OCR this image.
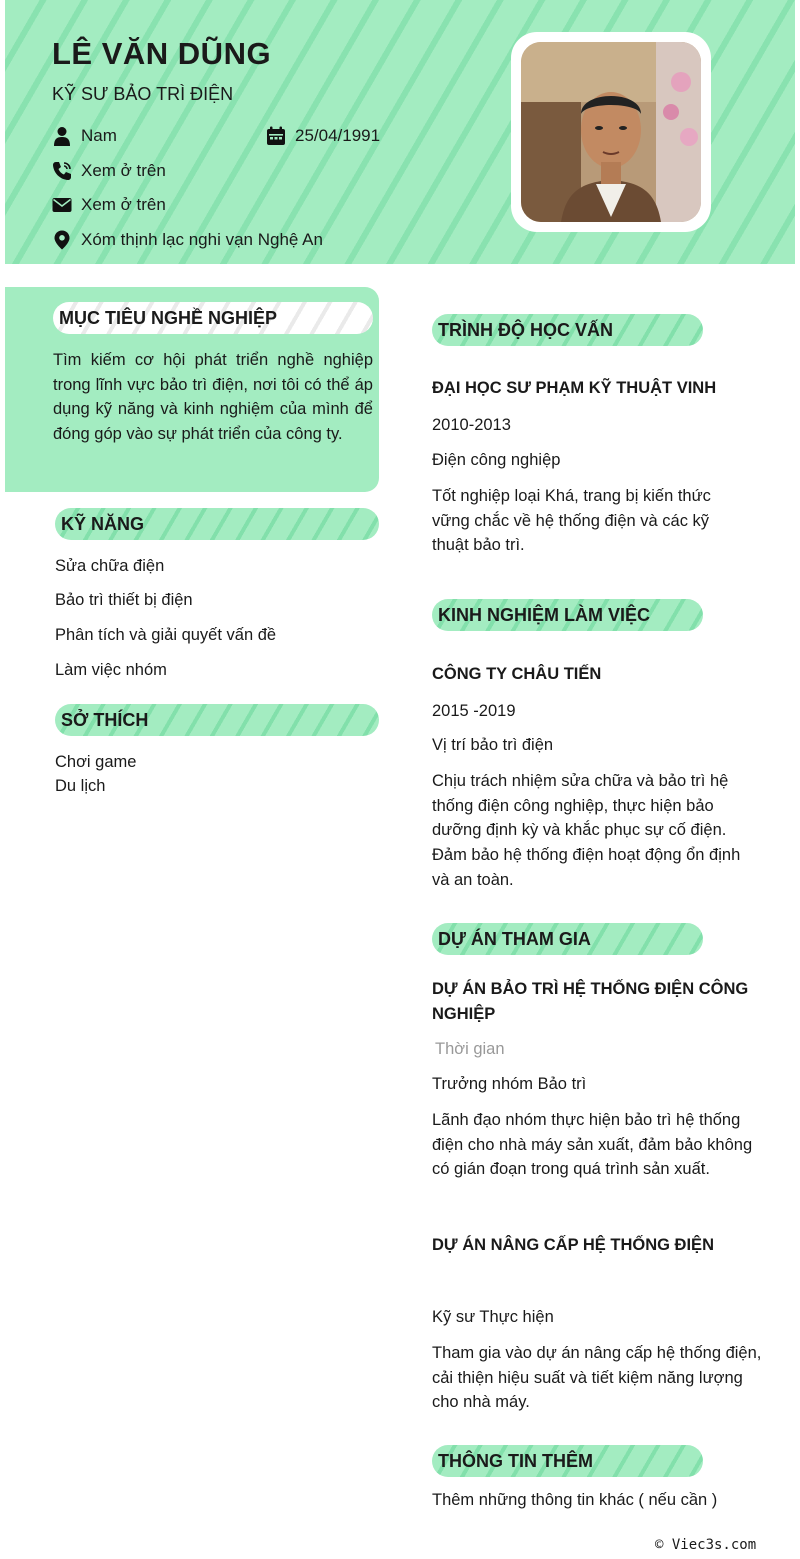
LÊ VĂN DŨNG
KỸ SƯ BẢO TRÌ ĐIỆN
Nam	25/04/1991
Xem ở trên
Xem ở trên
Xóm thịnh lạc nghi vạn Nghệ An
MỤC TIÊU NGHỀ NGHIỆP
Tìm kiếm cơ hội phát triển nghề nghiệp trong lĩnh vực bảo trì điện, nơi tôi có thể áp dụng kỹ năng và kinh nghiệm của mình để đóng góp vào sự phát triển của công ty.
KỸ NĂNG
Sửa chữa điện
Bảo trì thiết bị điện
Phân tích và giải quyết vấn đề
Làm việc nhóm
SỞ THÍCH
Chơi game
Du lịch
TRÌNH ĐỘ HỌC VẤN
ĐẠI HỌC SƯ PHẠM KỸ THUẬT VINH
2010-2013
Điện công nghiệp
Tốt nghiệp loại Khá, trang bị kiến thức vững chắc về hệ thống điện và các kỹ thuật bảo trì.
KINH NGHIỆM LÀM VIỆC
CÔNG TY CHÂU TIẾN
2015 -2019
Vị trí bảo trì điện
Chịu trách nhiệm sửa chữa và bảo trì hệ thống điện công nghiệp, thực hiện bảo dưỡng định kỳ và khắc phục sự cố điện. Đảm bảo hệ thống điện hoạt động ổn định và an toàn.
DỰ ÁN THAM GIA
DỰ ÁN BẢO TRÌ HỆ THỐNG ĐIỆN CÔNG NGHIỆP
Thời gian
Trưởng nhóm Bảo trì
Lãnh đạo nhóm thực hiện bảo trì hệ thống điện cho nhà máy sản xuất, đảm bảo không có gián đoạn trong quá trình sản xuất.
DỰ ÁN NÂNG CẤP HỆ THỐNG ĐIỆN
Kỹ sư Thực hiện
Tham gia vào dự án nâng cấp hệ thống điện, cải thiện hiệu suất và tiết kiệm năng lượng cho nhà máy.
THÔNG TIN THÊM
Thêm những thông tin khác ( nếu cần )
© Viec3s.com
